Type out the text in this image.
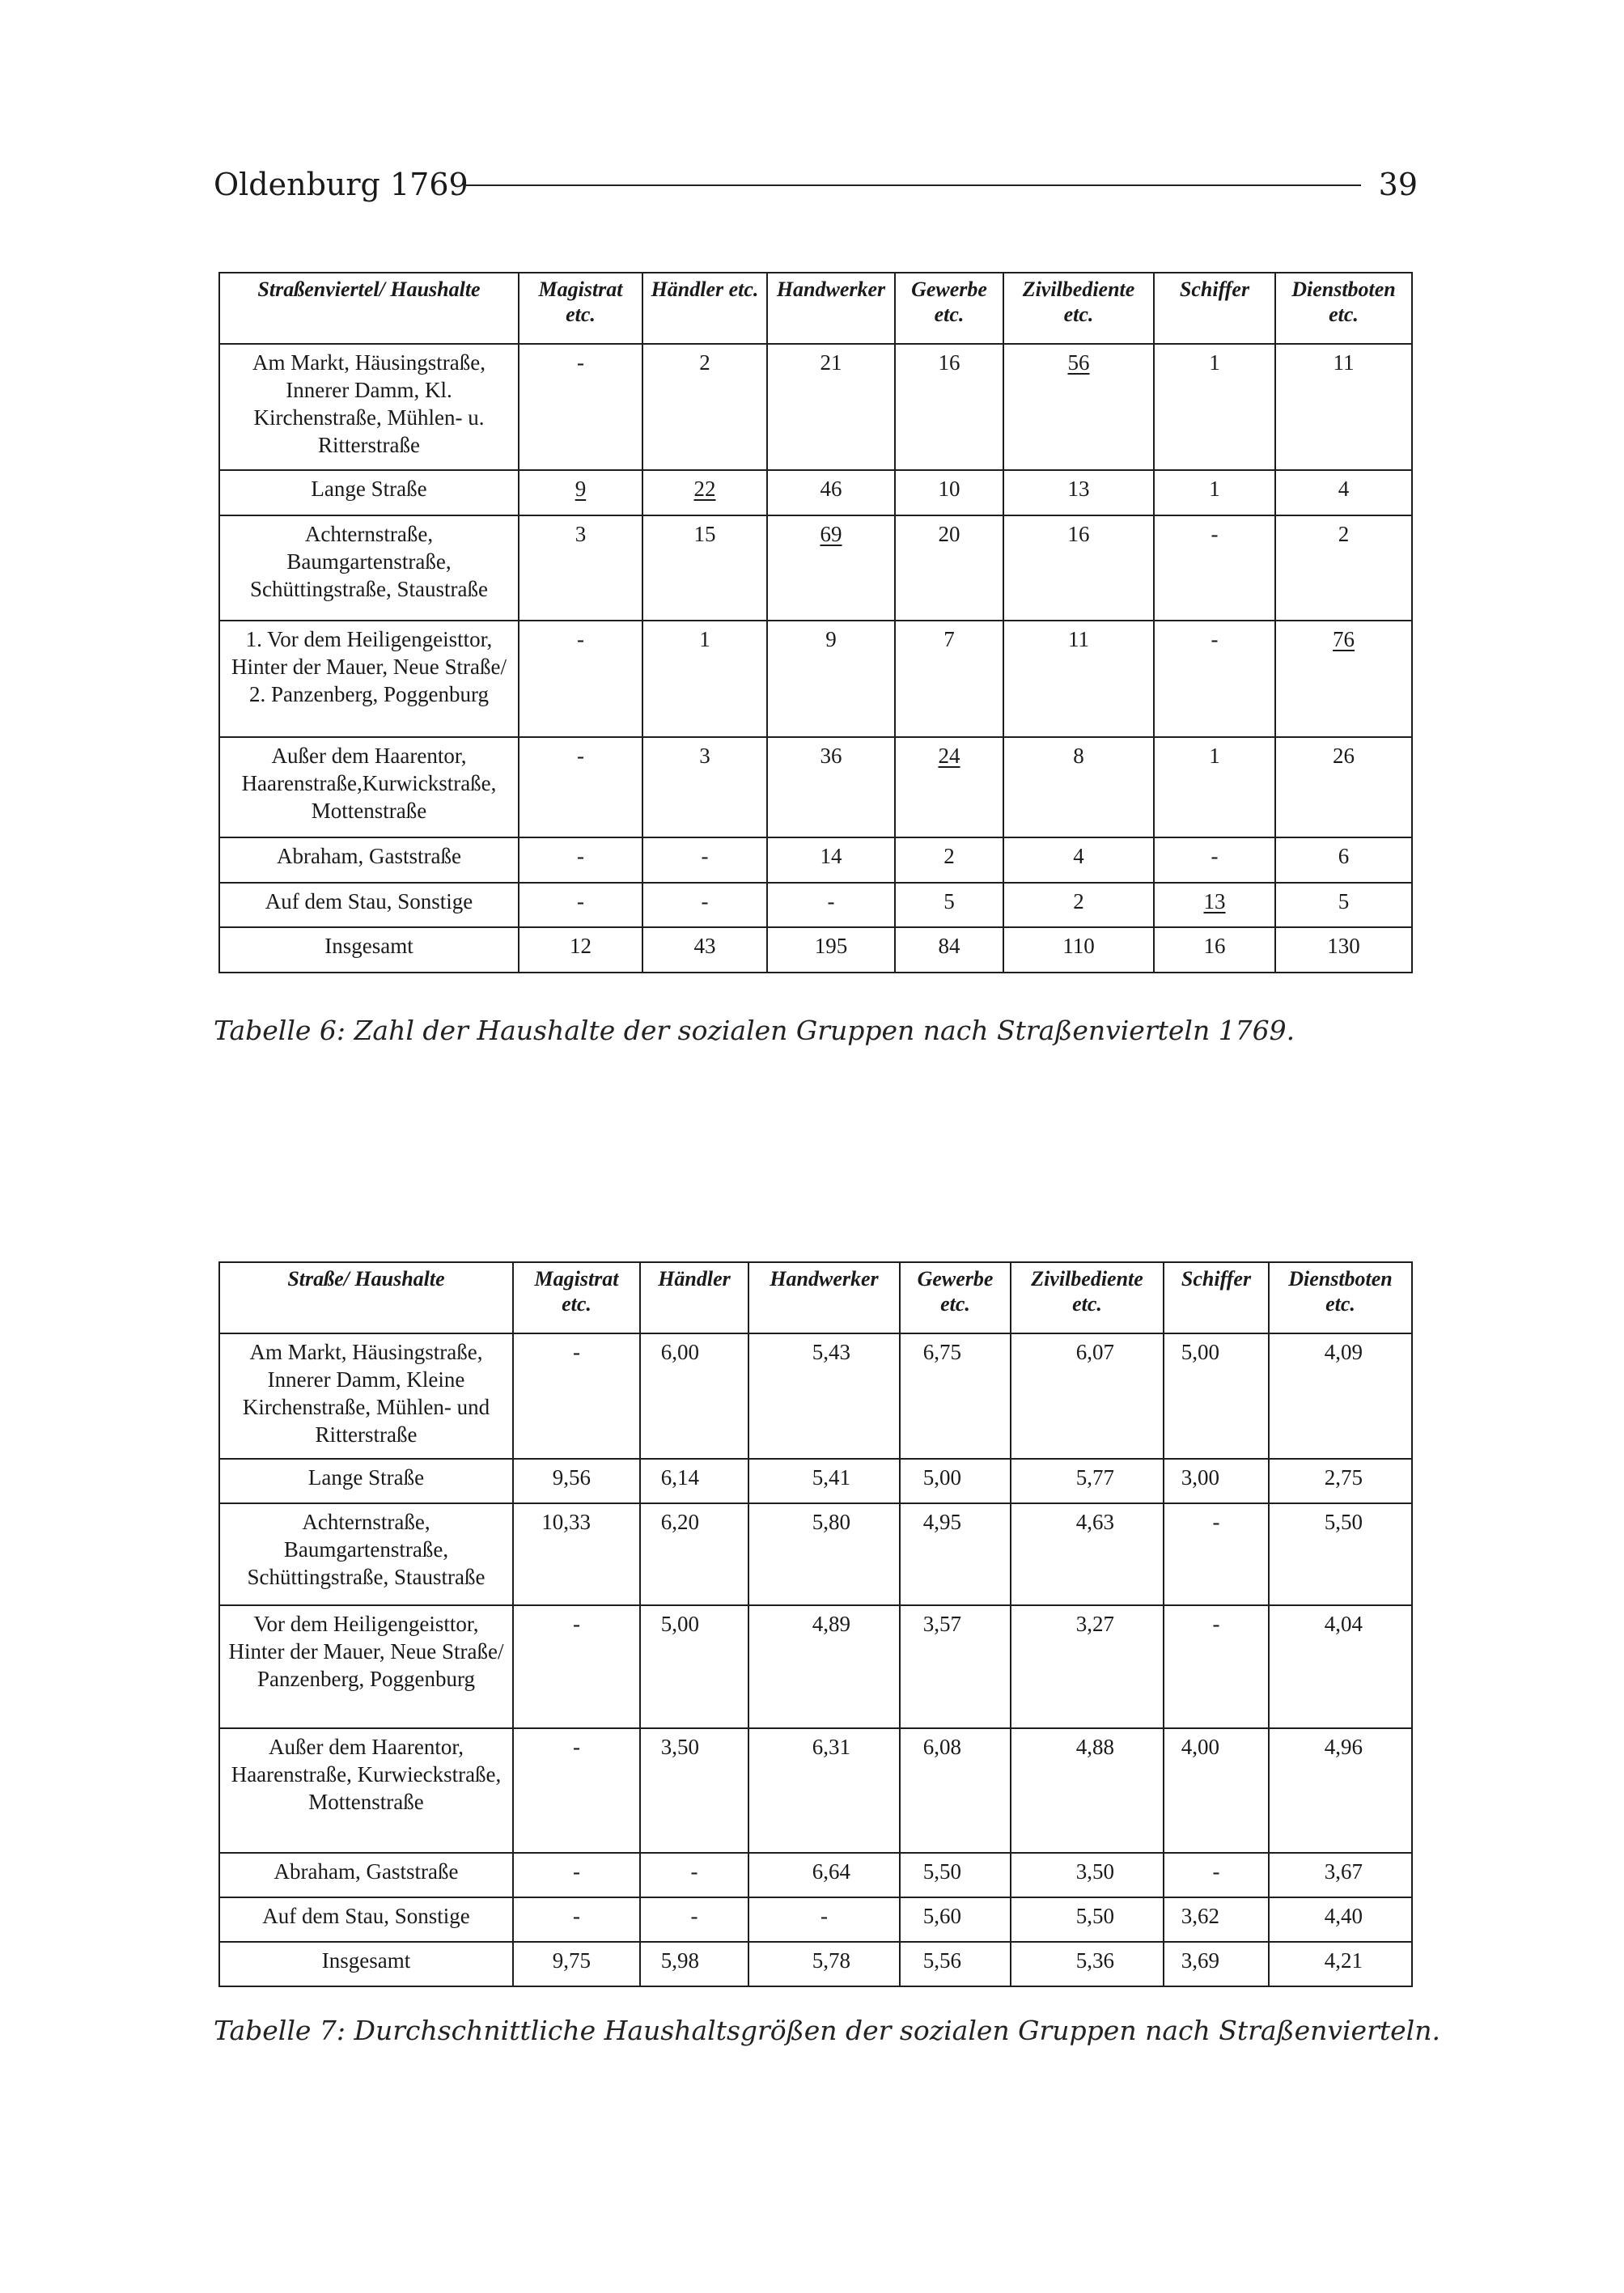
Oldenburg 1769	39
Straßenviertel/ Haushalte	Magistrat etc.	Händler etc.	Handwerker	Gewerbe etc.	Zivilbediente etc.	Schiffer	Dienstboten etc.
Am Markt, Häusingstraße, Innerer Damm, Kl. Kirchenstraße, Mühlen- u. Ritterstraße	-	2	21	16	56	1	11
Lange Straße	9	22	46	10	13	1	4
Achternstraße, Baumgartenstraße, Schüttingstraße, Staustraße	3	15	69	20	16	-	2
1. Vor dem Heiligengeisttor, Hinter der Mauer, Neue Straße/ 2. Panzenberg, Poggenburg	-	1	9	7	11	-	76
Außer dem Haarentor, Haarenstraße,Kurwickstraße, Mottenstraße	-	3	36	24	8	1	26
Abraham, Gaststraße	-	-	14	2	4	-	6
Auf dem Stau, Sonstige	-	-	-	5	2	13	5
Insgesamt	12	43	195	84	110	16	130
Tabelle 6: Zahl der Haushalte der sozialen Gruppen nach Straßenvierteln 1769.
Straße/ Haushalte	Magistrat etc.	Händler	Handwerker	Gewerbe etc.	Zivilbediente etc.	Schiffer	Dienstboten etc.
Am Markt, Häusingstraße, Innerer Damm, Kleine Kirchenstraße, Mühlen- und Ritterstraße	-	6,00	5,43	6,75	6,07	5,00	4,09
Lange Straße	9,56	6,14	5,41	5,00	5,77	3,00	2,75
Achternstraße, Baumgartenstraße, Schüttingstraße, Staustraße	10,33	6,20	5,80	4,95	4,63	-	5,50
Vor dem Heiligengeisttor, Hinter der Mauer, Neue Straße/ Panzenberg, Poggenburg	-	5,00	4,89	3,57	3,27	-	4,04
Außer dem Haarentor, Haarenstraße, Kurwieckstraße, Mottenstraße	-	3,50	6,31	6,08	4,88	4,00	4,96
Abraham, Gaststraße	-	-	6,64	5,50	3,50	-	3,67
Auf dem Stau, Sonstige	-	-	-	5,60	5,50	3,62	4,40
Insgesamt	9,75	5,98	5,78	5,56	5,36	3,69	4,21
Tabelle 7: Durchschnittliche Haushaltsgrößen der sozialen Gruppen nach Straßenvierteln.
